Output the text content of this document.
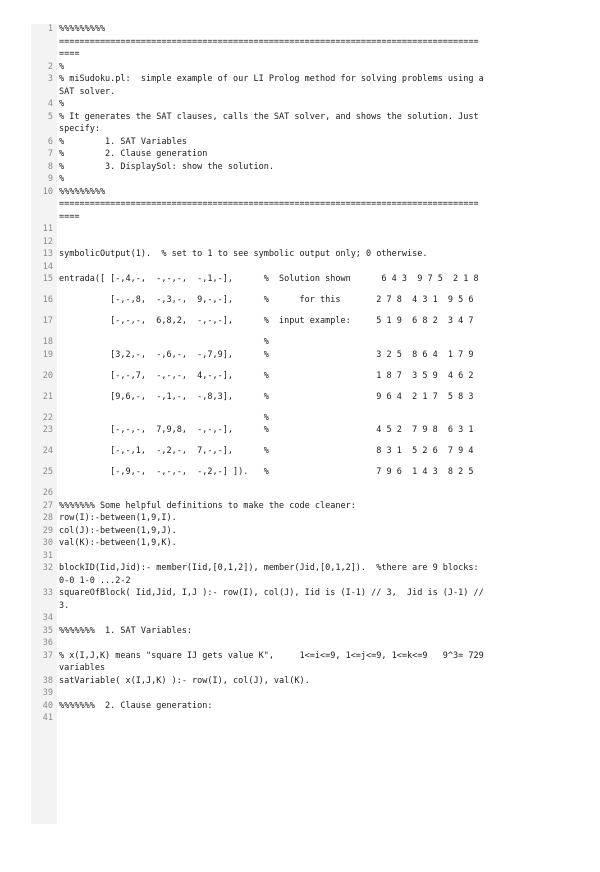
1 %%%%%%%%%
==================================================================================
====
2 %
3 % miSudoku.pl:  simple example of our LI Prolog method for solving problems using a
SAT solver.
4 %
5 % It generates the SAT clauses, calls the SAT solver, and shows the solution. Just
specify:
6 %        1. SAT Variables
7 %        2. Clause generation
8 %        3. DisplaySol: show the solution.
9 %
10 %%%%%%%%%
==================================================================================
====
11
12
13 symbolicOutput(1).  % set to 1 to see symbolic output only; 0 otherwise.
14
15 entrada([ [-,4,-,  -,-,-,  -,1,-],      %  Solution shown      6 4 3  9 7 5  2 1 8
16 [-,-,8,  -,3,-,  9,-,-],      %      for this       2 7 8  4 3 1  9 5 6
17 [-,-,-,  6,8,2,  -,-,-],      %  input example:     5 1 9  6 8 2  3 4 7
18 %
19 [3,2,-,  -,6,-,  -,7,9],      %                     3 2 5  8 6 4  1 7 9
20 [-,-,7,  -,-,-,  4,-,-],      %                     1 8 7  3 5 9  4 6 2
21 [9,6,-,  -,1,-,  -,8,3],      %                     9 6 4  2 1 7  5 8 3
22 %
23 [-,-,-,  7,9,8,  -,-,-],      %                     4 5 2  7 9 8  6 3 1
24 [-,-,1,  -,2,-,  7,-,-],      %                     8 3 1  5 2 6  7 9 4
25 [-,9,-,  -,-,-,  -,2,-] ]).   %                     7 9 6  1 4 3  8 2 5
26
27 %%%%%%% Some helpful definitions to make the code cleaner:
28 row(I):-between(1,9,I).
29 col(J):-between(1,9,J).
30 val(K):-between(1,9,K).
31
32 blockID(Iid,Jid):- member(Iid,[0,1,2]), member(Jid,[0,1,2]).  %there are 9 blocks:
0-0 1-0 ...2-2
33 squareOfBlock( Iid,Jid, I,J ):- row(I), col(J), Iid is (I-1) // 3,  Jid is (J-1) //
3.
34
35 %%%%%%%  1. SAT Variables:
36
37 % x(I,J,K) means "square IJ gets value K",     1<=i<=9, 1<=j<=9, 1<=k<=9   9^3= 729
variables
38 satVariable( x(I,J,K) ):- row(I), col(J), val(K).
39
40 %%%%%%%  2. Clause generation:
41
